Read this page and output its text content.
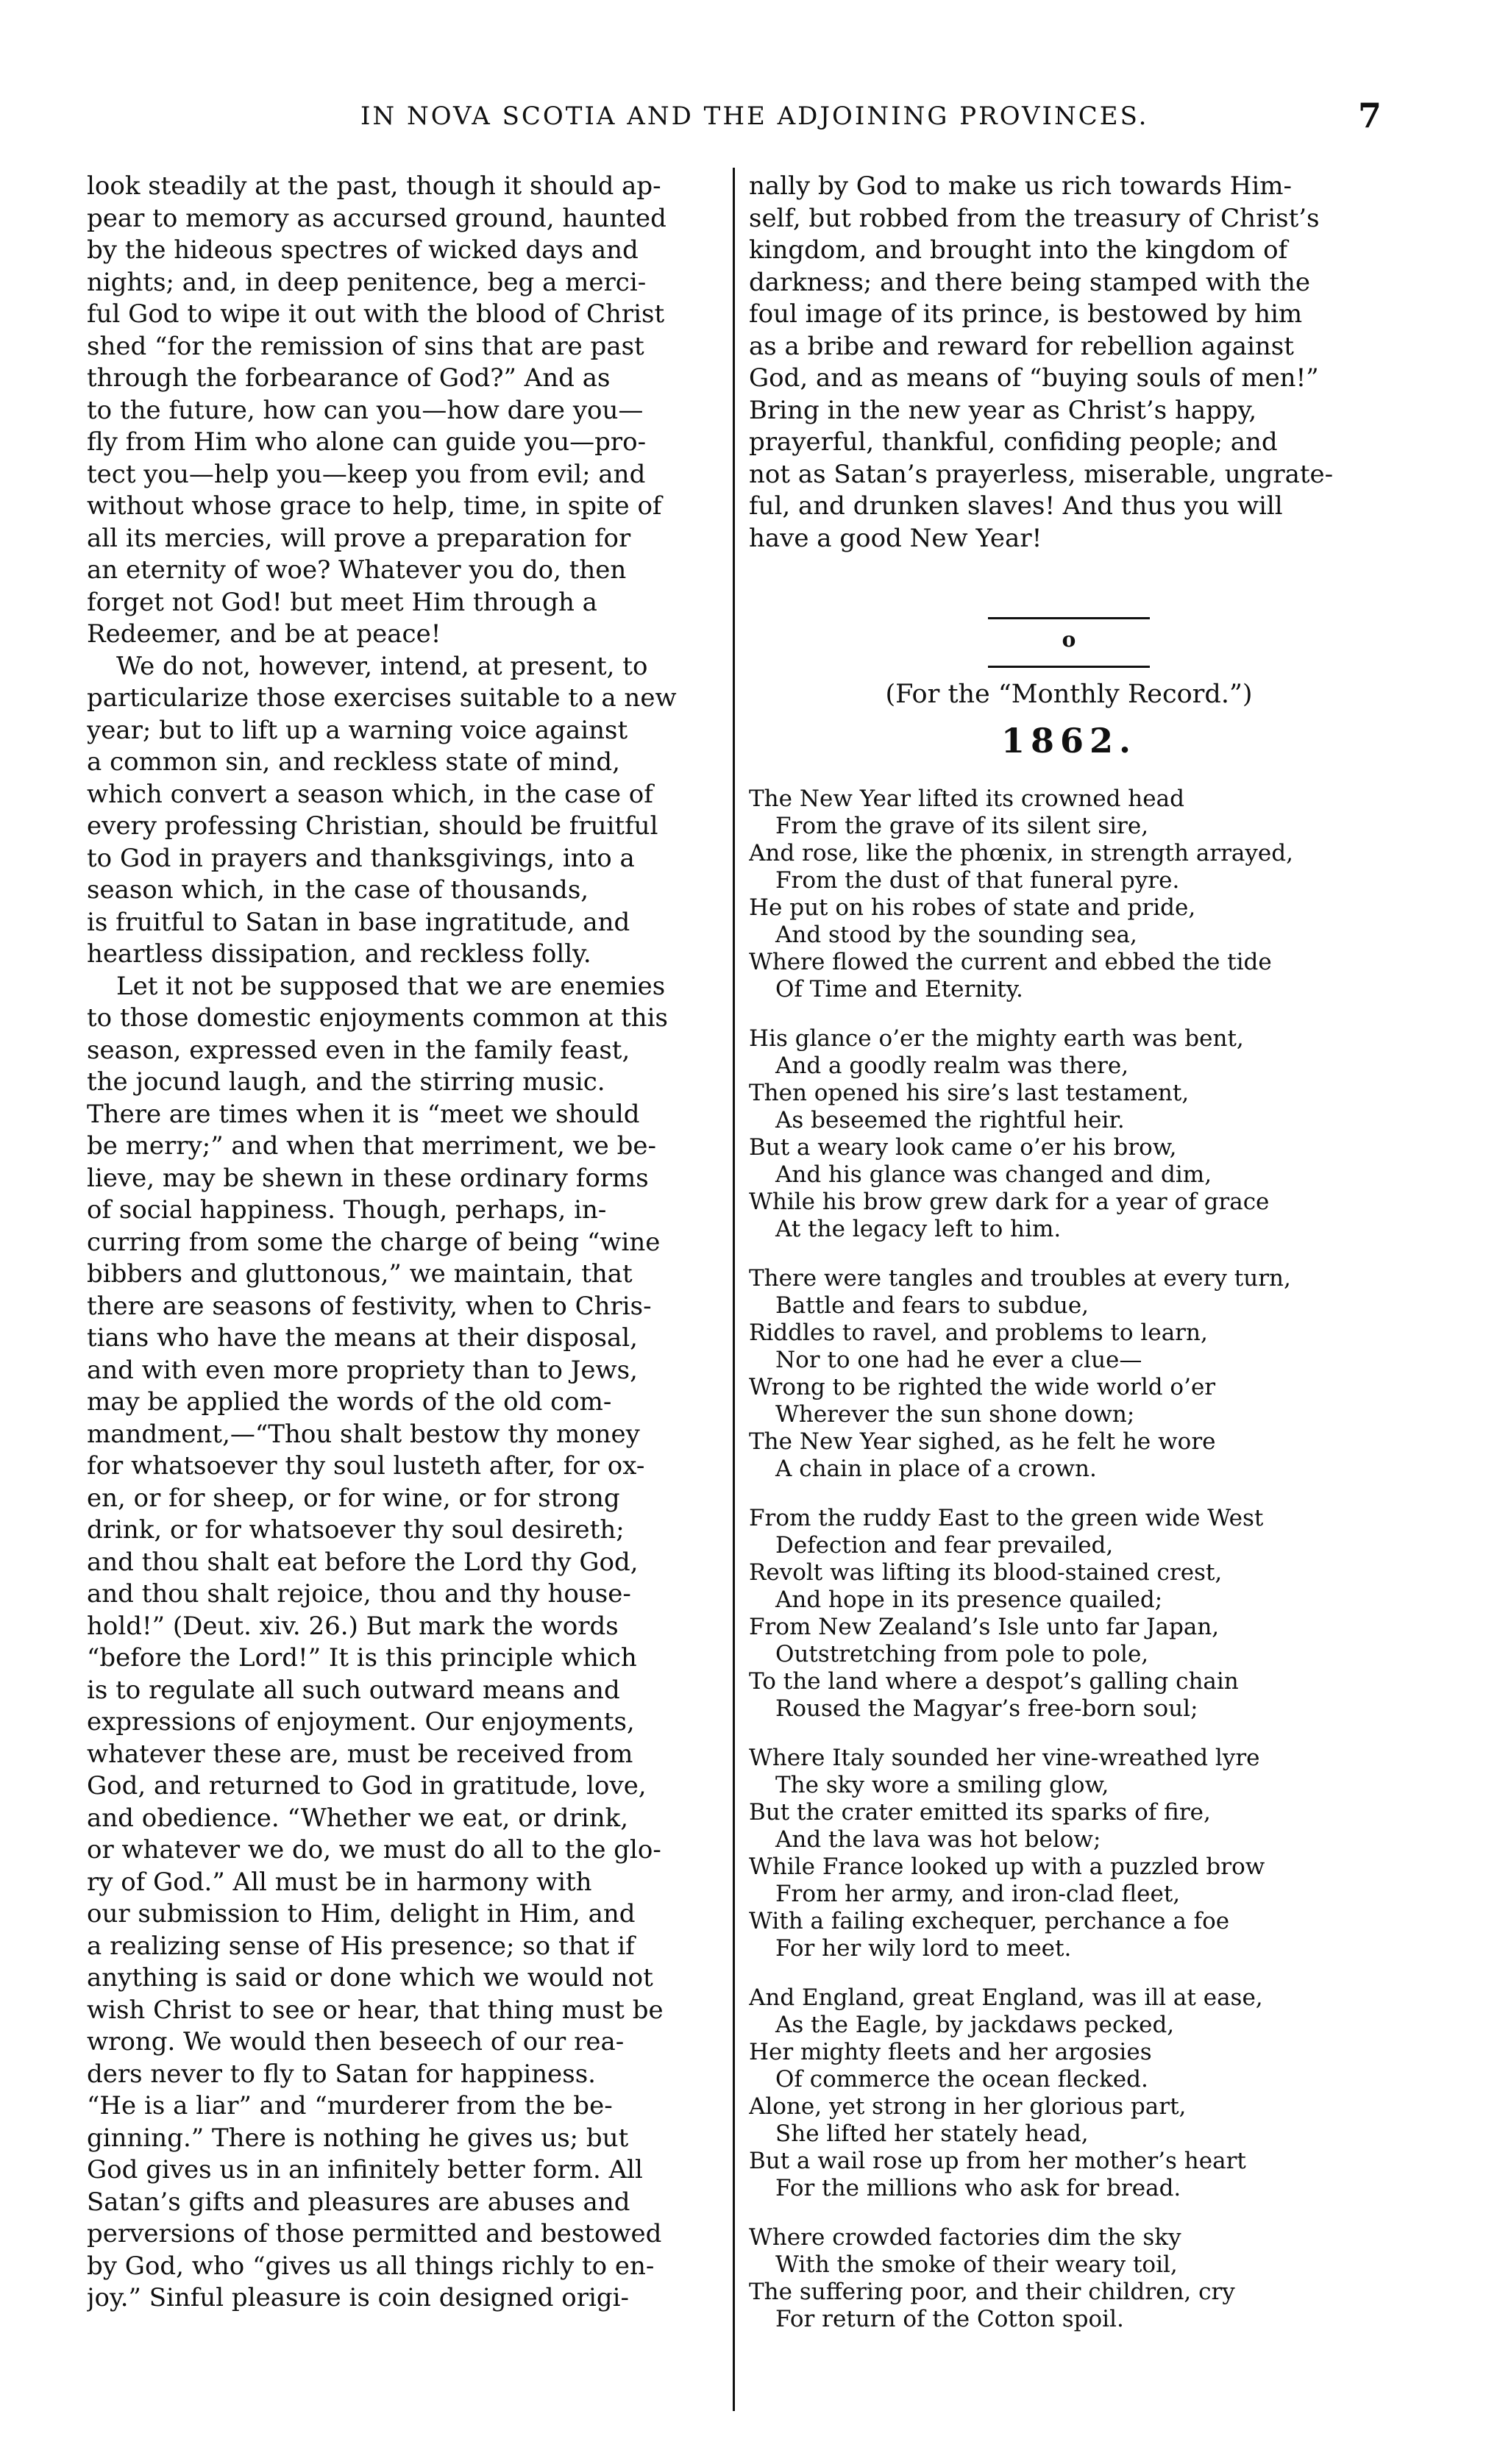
IN NOVA SCOTIA AND THE ADJOINING PROVINCES.	7
look steadily at the past, though it should ap-
pear to memory as accursed ground, haunted
by the hideous spectres of wicked days and
nights; and, in deep penitence, beg a merci-
ful God to wipe it out with the blood of Christ
shed “for the remission of sins that are past
through the forbearance of God?” And as
to the future, how can you—how dare you—
fly from Him who alone can guide you—pro-
tect you—help you—keep you from evil; and
without whose grace to help, time, in spite of
all its mercies, will prove a preparation for
an eternity of woe? Whatever you do, then
forget not God! but meet Him through a
Redeemer, and be at peace!
We do not, however, intend, at present, to
particularize those exercises suitable to a new
year; but to lift up a warning voice against
a common sin, and reckless state of mind,
which convert a season which, in the case of
every professing Christian, should be fruitful
to God in prayers and thanksgivings, into a
season which, in the case of thousands,
is fruitful to Satan in base ingratitude, and
heartless dissipation, and reckless folly.
Let it not be supposed that we are enemies
to those domestic enjoyments common at this
season, expressed even in the family feast,
the jocund laugh, and the stirring music.
There are times when it is “meet we should
be merry;” and when that merriment, we be-
lieve, may be shewn in these ordinary forms
of social happiness. Though, perhaps, in-
curring from some the charge of being “wine
bibbers and gluttonous,” we maintain, that
there are seasons of festivity, when to Chris-
tians who have the means at their disposal,
and with even more propriety than to Jews,
may be applied the words of the old com-
mandment,—“Thou shalt bestow thy money
for whatsoever thy soul lusteth after, for ox-
en, or for sheep, or for wine, or for strong
drink, or for whatsoever thy soul desireth;
and thou shalt eat before the Lord thy God,
and thou shalt rejoice, thou and thy house-
hold!” (Deut. xiv. 26.) But mark the words
“before the Lord!” It is this principle which
is to regulate all such outward means and
expressions of enjoyment. Our enjoyments,
whatever these are, must be received from
God, and returned to God in gratitude, love,
and obedience. “Whether we eat, or drink,
or whatever we do, we must do all to the glo-
ry of God.” All must be in harmony with
our submission to Him, delight in Him, and
a realizing sense of His presence; so that if
anything is said or done which we would not
wish Christ to see or hear, that thing must be
wrong. We would then beseech of our rea-
ders never to fly to Satan for happiness.
“He is a liar” and “murderer from the be-
ginning.” There is nothing he gives us; but
God gives us in an infinitely better form. All
Satan’s gifts and pleasures are abuses and
perversions of those permitted and bestowed
by God, who “gives us all things richly to en-
joy.” Sinful pleasure is coin designed origi-
nally by God to make us rich towards Him-
self, but robbed from the treasury of Christ’s
kingdom, and brought into the kingdom of
darkness; and there being stamped with the
foul image of its prince, is bestowed by him
as a bribe and reward for rebellion against
God, and as means of “buying souls of men!”
Bring in the new year as Christ’s happy,
prayerful, thankful, confiding people; and
not as Satan’s prayerless, miserable, ungrate-
ful, and drunken slaves! And thus you will
have a good New Year!
o
(For the “Monthly Record.”)
1862.
The New Year lifted its crowned head
From the grave of its silent sire,
And rose, like the phœnix, in strength arrayed,
From the dust of that funeral pyre.
He put on his robes of state and pride,
And stood by the sounding sea,
Where flowed the current and ebbed the tide
Of Time and Eternity.
His glance o’er the mighty earth was bent,
And a goodly realm was there,
Then opened his sire’s last testament,
As beseemed the rightful heir.
But a weary look came o’er his brow,
And his glance was changed and dim,
While his brow grew dark for a year of grace
At the legacy left to him.
There were tangles and troubles at every turn,
Battle and fears to subdue,
Riddles to ravel, and problems to learn,
Nor to one had he ever a clue—
Wrong to be righted the wide world o’er
Wherever the sun shone down;
The New Year sighed, as he felt he wore
A chain in place of a crown.
From the ruddy East to the green wide West
Defection and fear prevailed,
Revolt was lifting its blood-stained crest,
And hope in its presence quailed;
From New Zealand’s Isle unto far Japan,
Outstretching from pole to pole,
To the land where a despot’s galling chain
Roused the Magyar’s free-born soul;
Where Italy sounded her vine-wreathed lyre
The sky wore a smiling glow,
But the crater emitted its sparks of fire,
And the lava was hot below;
While France looked up with a puzzled brow
From her army, and iron-clad fleet,
With a failing exchequer, perchance a foe
For her wily lord to meet.
And England, great England, was ill at ease,
As the Eagle, by jackdaws pecked,
Her mighty fleets and her argosies
Of commerce the ocean flecked.
Alone, yet strong in her glorious part,
She lifted her stately head,
But a wail rose up from her mother’s heart
For the millions who ask for bread.
Where crowded factories dim the sky
With the smoke of their weary toil,
The suffering poor, and their children, cry
For return of the Cotton spoil.
